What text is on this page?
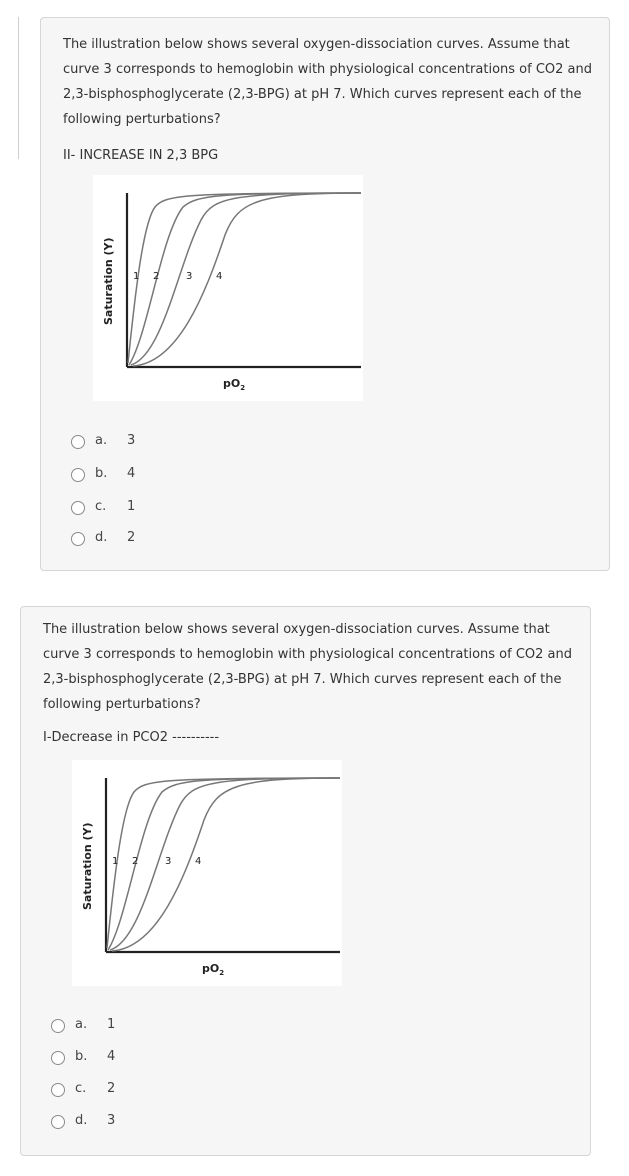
The illustration below shows several oxygen-dissociation curves. Assume that
curve 3 corresponds to hemoglobin with physiological concentrations of CO2 and
2,3-bisphosphoglycerate (2,3-BPG) at pH 7. Which curves represent each of the
following perturbations?
II- INCREASE IN 2,3 BPG
1 2	3 4
Saturation (Y)
$pO_2$
a. 3
b. 4
c. 1
d. 2
The illustration below shows several oxygen-dissociation curves. Assume that
curve 3 corresponds to hemoglobin with physiological concentrations of CO2 and
2,3-bisphosphoglycerate (2,3-BPG) at pH 7. Which curves represent each of the
following perturbations?
I-Decrease in PCO2 ----------
1 2	3 4
Saturation (Y)
$pO_2$
a. 1
b. 4
c. 2
d. 3
